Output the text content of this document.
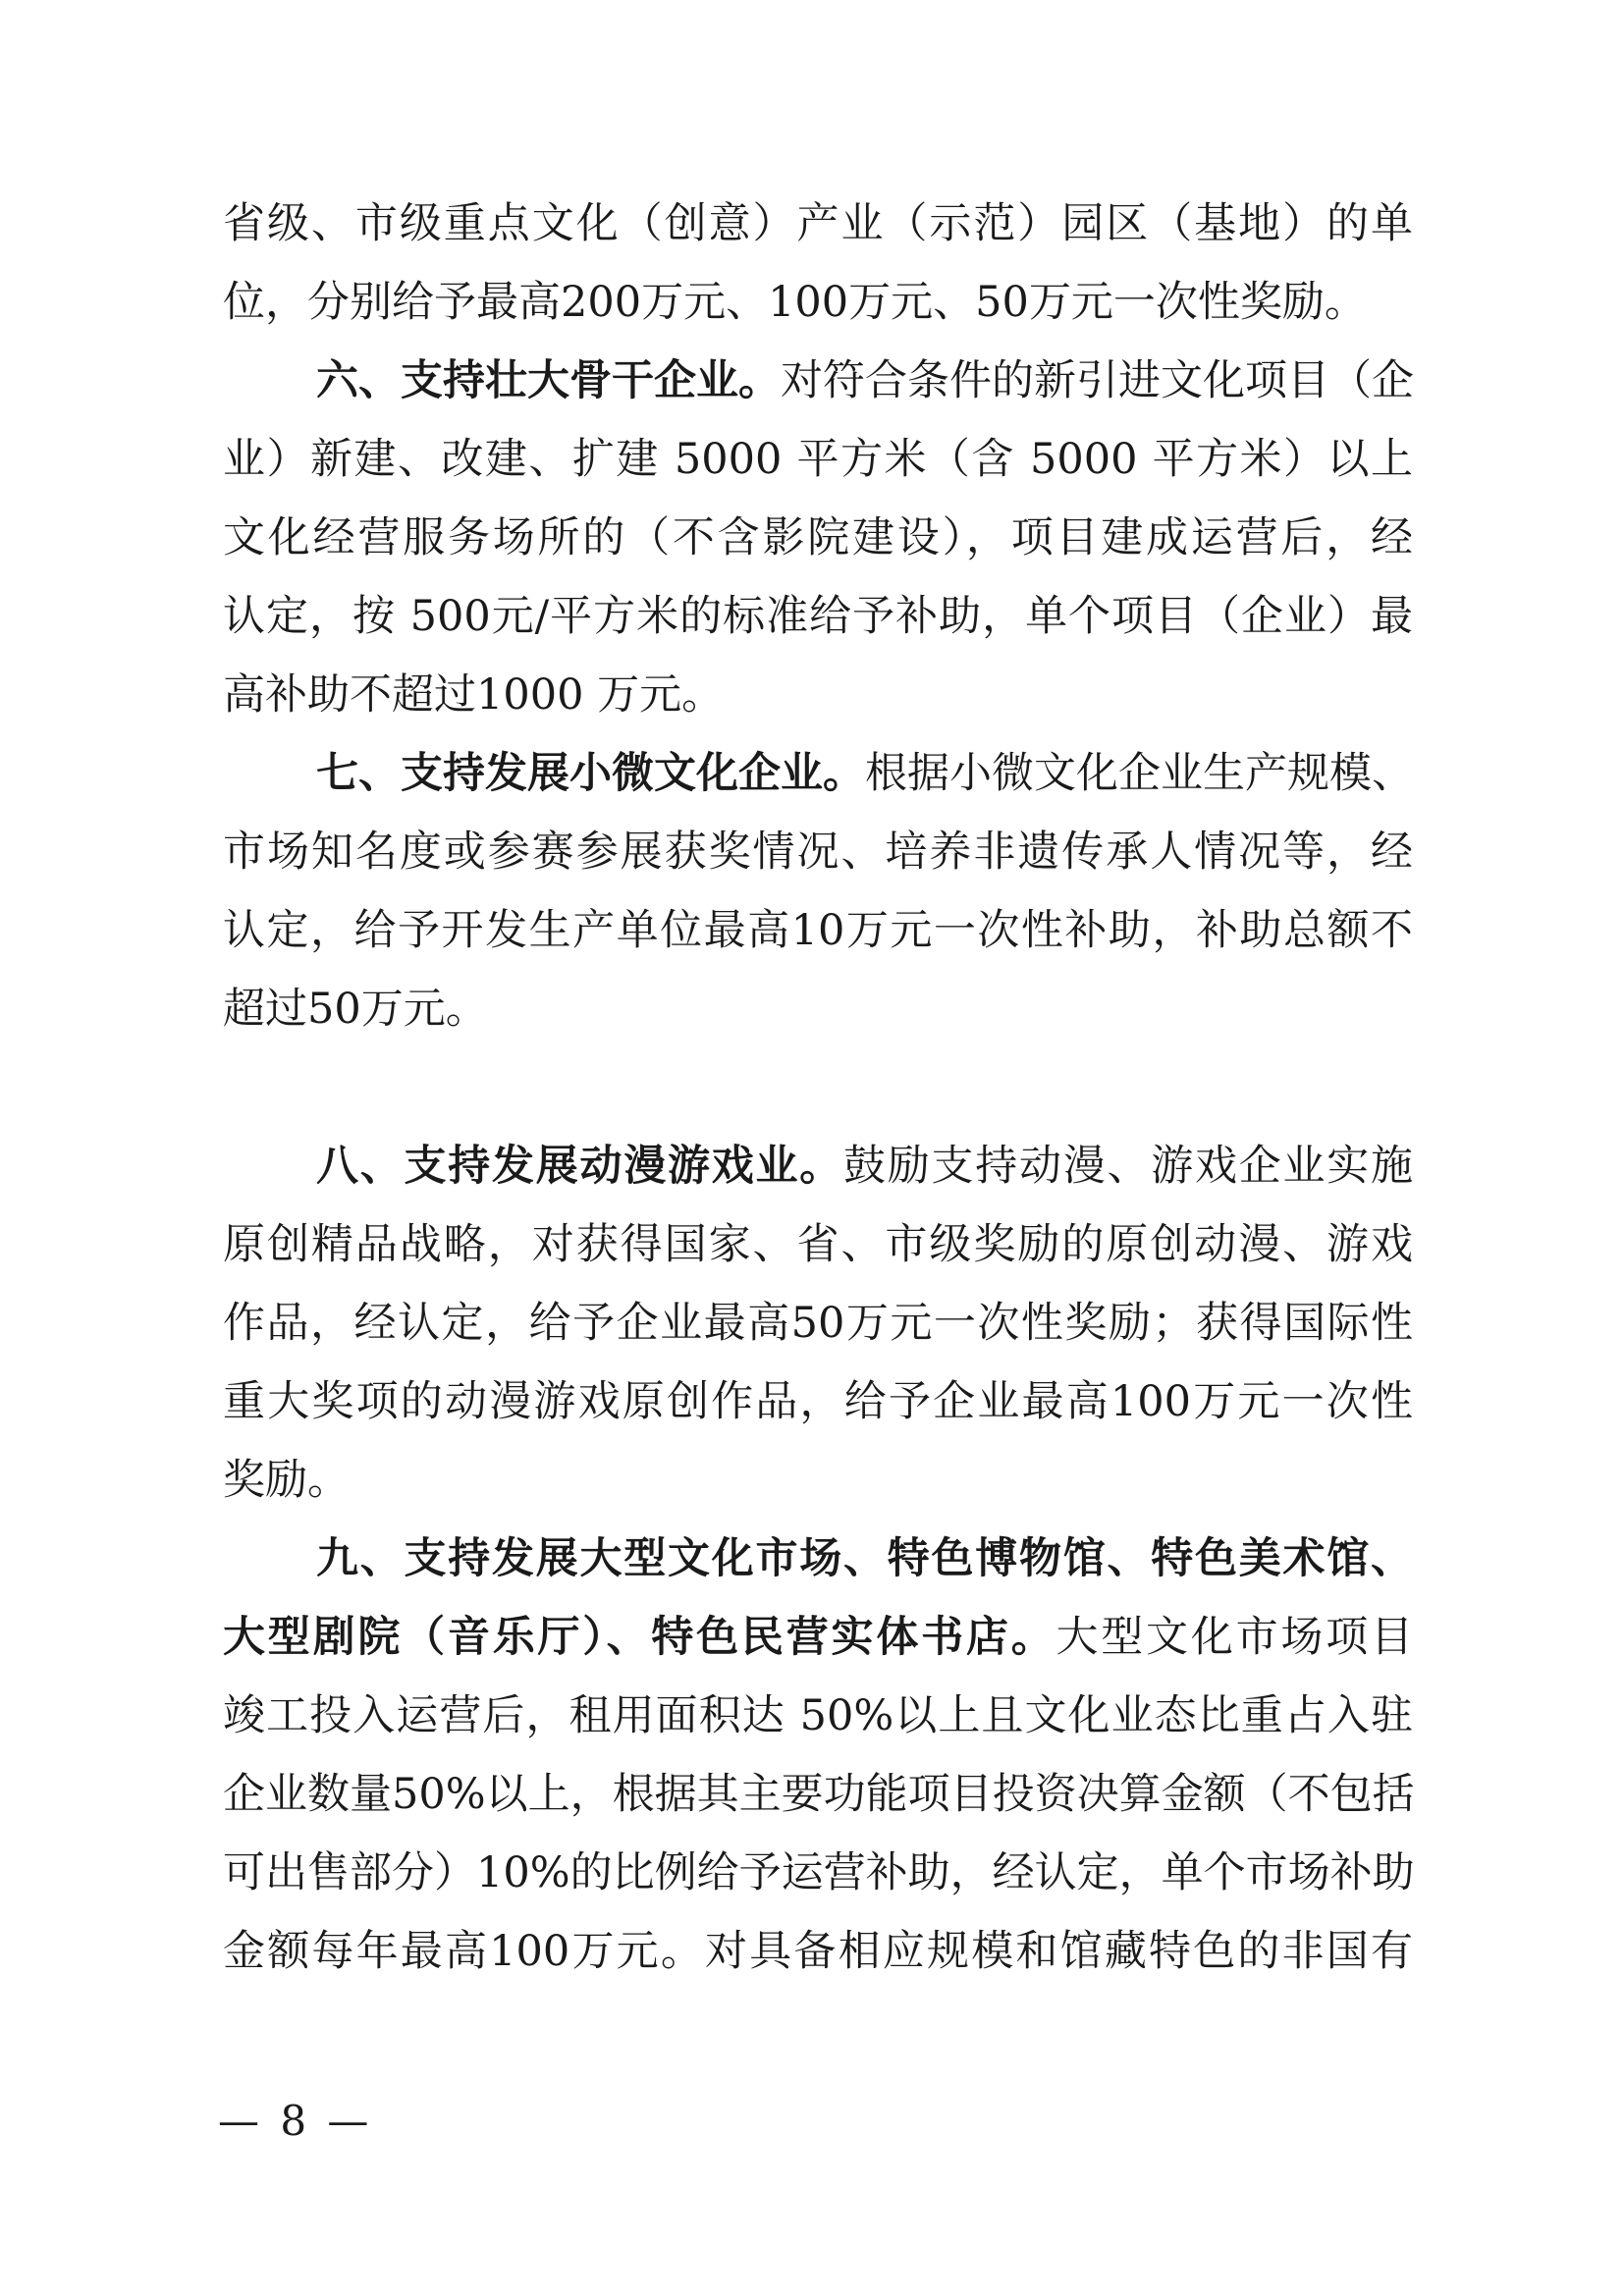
省级、市级重点文化（创意）产业（示范）园区（基地）的单
位，分别给予最高200万元、100万元、50万元一次性奖励。
六、支持壮大骨干企业。对符合条件的新引进文化项目（企
业）新建、改建、扩建 5000 平方米（含 5000 平方米）以上
文化经营服务场所的（不含影院建设），项目建成运营后，经
认定，按 500元/平方米的标准给予补助，单个项目（企业）最
高补助不超过1000 万元。
七、支持发展小微文化企业。根据小微文化企业生产规模、
市场知名度或参赛参展获奖情况、培养非遗传承人情况等，经
认定，给予开发生产单位最高10万元一次性补助，补助总额不
超过50万元。
八、支持发展动漫游戏业。鼓励支持动漫、游戏企业实施
原创精品战略，对获得国家、省、市级奖励的原创动漫、游戏
作品，经认定，给予企业最高50万元一次性奖励；获得国际性
重大奖项的动漫游戏原创作品，给予企业最高100万元一次性
奖励。
九、支持发展大型文化市场、特色博物馆、特色美术馆、
大型剧院（音乐厅）、特色民营实体书店。大型文化市场项目
竣工投入运营后，租用面积达 50%以上且文化业态比重占入驻
企业数量50%以上，根据其主要功能项目投资决算金额（不包括
可出售部分）10%的比例给予运营补助，经认定，单个市场补助
金额每年最高100万元。对具备相应规模和馆藏特色的非国有
— 8 —
